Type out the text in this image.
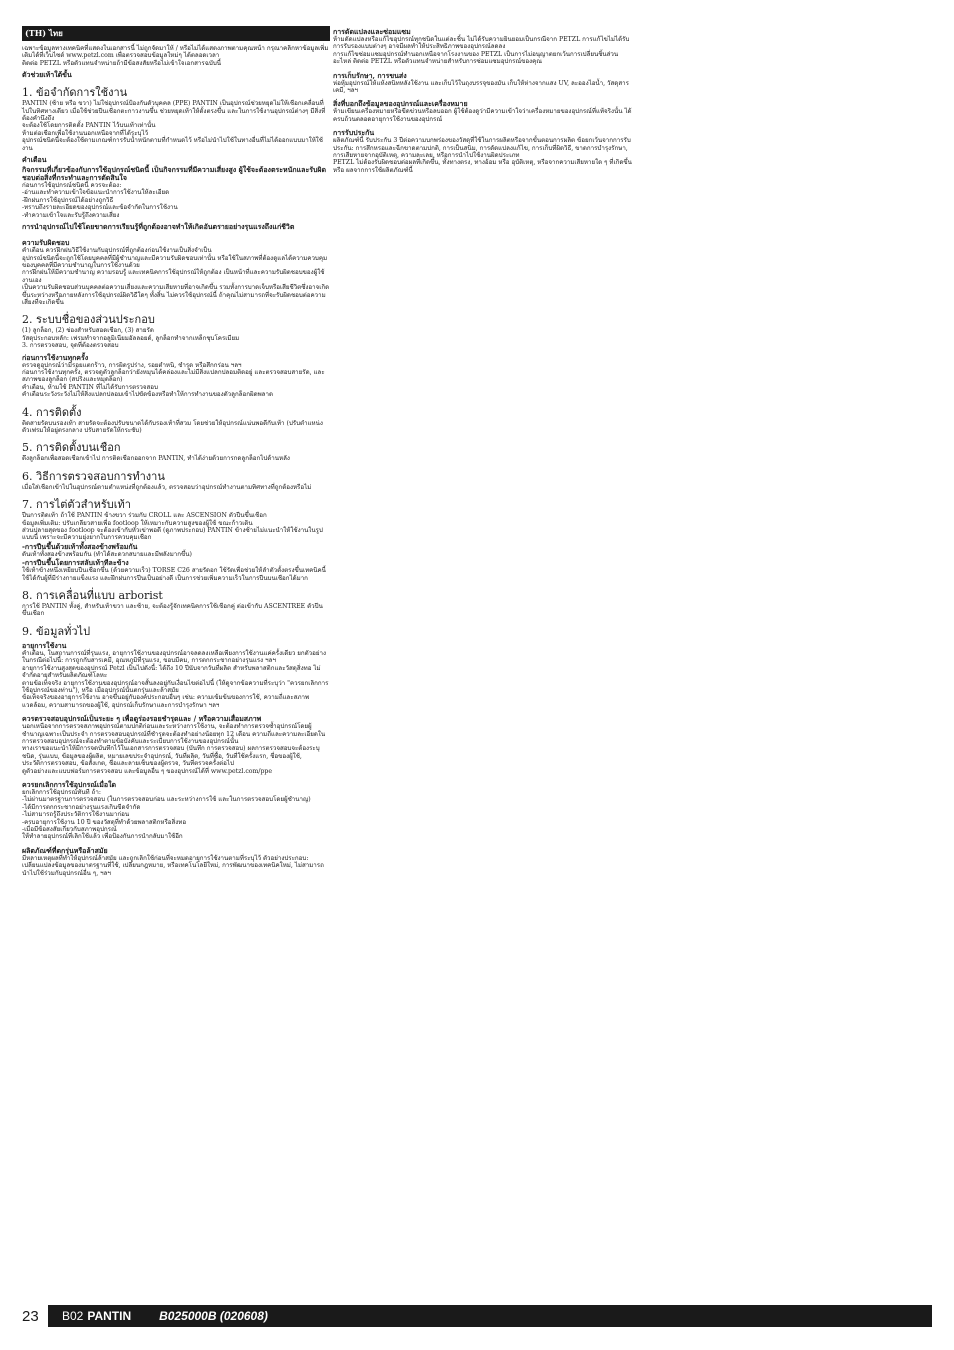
(TH) ไทย

เฉพาะข้อมูลทางเทคนิคที่แสดงในเอกสารนี้ ไม่ถูกจัดมาให้ / หรือไม่ได้แสดงภาพตามคุณหน้า กรุณาคลิกหาข้อมูลเพิ่มเติมได้ที่เว็บไซต์ www.petzl.com เพื่อตรวจสอบข้อมูลใหม่ๆ ได้ตลอดเวลา
ติดต่อ PETZL หรือตัวแทนจำหน่ายถ้ามีข้อสงสัยหรือไม่เข้าใจเอกสารฉบับนี้

ตัวช่วยเท้าใต้ขั้น
1. ข้อจำกัดการใช้งาน

PANTIN (ซ้าย หรือ ขวา) ไม่ใช่อุปกรณ์ป้องกันตัวบุคคล (PPE) PANTIN เป็นอุปกรณ์ช่วยหยุดไม่ให้เชือกเคลื่อนที่ไปในทิศทางเดียว เมื่อใช้ช่วยปีนเชือกตะกาวงานขึ้น ช่วยหยุดเท้าให้ตั้งตรงขึ้น และในการใช้งานอุปกรณ์ต่างๆ มีสิ่งที่ต้องคำนึงถึง
จะต้องใช้โดยการติดตั้ง PANTIN ไว้บนเท้าเท่านั้น
ห้ามต่อเชือกเพื่อใช้งานนอกเหนือจากที่ได้ระบุไว้
อุปกรณ์ชนิดนี้จะต้องใช้ตามเกณฑ์การรับน้ำหนักตามที่กำหนดไว้ หรือไม่นำไปใช้ในทางอื่นที่ไม่ได้ออกแบบมาให้ใช้งาน

คำเตือน
กิจกรรมที่เกี่ยวข้องกับการใช้อุปกรณ์ชนิดนี้ เป็นกิจกรรมที่มีความเสี่ยงสูง ผู้ใช้จะต้องตระหนักและรับผิดชอบต่อสิ่งที่กระทำและการตัดสินใจ

ก่อนการใช้อุปกรณ์ชนิดนี้ ควรจะต้อง:
-อ่านและทำความเข้าใจข้อแนะนำการใช้งานให้ละเอียด
-ฝึกฝนการใช้อุปกรณ์ได้อย่างถูกวิธี
-ทราบถึงรายละเอียดของอุปกรณ์และข้อจำกัดในการใช้งาน
-ทำความเข้าใจและรับรู้ถึงความเสี่ยง

การนำอุปกรณ์ไปใช้โดยขาดการเรียนรู้ที่ถูกต้องอาจทำให้เกิดอันตรายอย่างรุนแรงถึงแก่ชีวิต
ความรับผิดชอบ

คำเตือน ควรฝึกฝนวิธีใช้งานกับอุปกรณ์ที่ถูกต้องก่อนใช้งานเป็นสิ่งจำเป็น
อุปกรณ์ชนิดนี้จะถูกใช้โดยบุคคลที่มีผู้ชำนาญและมีความรับผิดชอบเท่านั้น หรือใช้ในสภาพที่ต้องดูแลได้ความควบคุมของบุคคลที่มีความชำนาญในการใช้งานด้วย
การฝึกฝนให้มีความชำนาญ ความรอบรู้ และเทคนิคการใช้อุปกรณ์ให้ถูกต้อง เป็นหน้าที่และความรับผิดชอบของผู้ใช้งานเอง
เป็นความรับผิดชอบส่วนบุคคลต่อความเสี่ยงและความเสียหายที่อาจเกิดขึ้น รวมทั้งการบาดเจ็บหรือเสียชีวิตซึ่งอาจเกิดขึ้นระหว่างหรือภายหลังการใช้อุปกรณ์ผิดวิธีใดๆ ทั้งสิ้น ไม่ควรใช้อุปกรณ์นี้ ถ้าคุณไม่สามารถที่จะรับผิดชอบต่อความเสี่ยงที่จะเกิดขึ้น

2. ระบบชื่อของส่วนประกอบ

(1) ลูกล็อก, (2) ช่องสำหรับสอดเชือก, (3) สายรัด
วัสดุประกอบหลัก: เฟรมทำจากอลูมิเนียมอัลลอยด์, ลูกล็อกทำจากเหล็กชุบโครเมียม
3. การตรวจสอบ, จุดที่ต้องตรวจสอบ

ก่อนการใช้งานทุกครั้ง

ตรวจดูอุปกรณ์ว่ามีรอยแตกร้าว, การผิดรูปร่าง, รอยตำหนิ, ชำรุด หรือสึกกร่อน ฯลฯ
ก่อนการใช้งานทุกครั้ง, ตรวจดูตัวลูกล็อกว่ายังหมุนได้คล่องและไม่มีสิ่งแปลกปลอมติดอยู่ และตรวจสอบสายรัด, และสภาพของลูกล็อก (สปริงและหมุดล็อก)
คำเตือน, ห้ามใช้ PANTIN ที่ไม่ได้รับการตรวจสอบ
คำเตือนระวังระวังไม่ให้สิ่งแปลกปลอมเข้าไปขัดข้องหรือทำให้การทำงานของตัวลูกล็อกผิดพลาด

4. การติดตั้ง

ติดสายรัดบนรองเท้า สายรัดจะต้องปรับขนาดได้กับรองเท้าที่สวม โดยช่วยให้อุปกรณ์แน่นพอดีกับเท้า (ปรับตำแหน่งตัวเฟรมให้อยู่ตรงกลาง ปรับสายรัดให้กระชับ)

5. การติดตั้งบนเชือก

ดึงลูกล็อกเพื่อสอดเชือกเข้าไป การติดเชือกออกจาก PANTIN, ทำได้ง่ายด้วยการกดลูกล็อกไปด้านหลัง

6. วิธีการตรวจสอบการทำงาน

เมื่อใส่เชือกเข้าไปในอุปกรณ์ตามตำแหน่งที่ถูกต้องแล้ว, ตรวจสอบว่าอุปกรณ์ทำงานตามทิศทางที่ถูกต้องหรือไม่

7. การไต่ตัวสำหรับเท้า

ปีนการติดเท้า ถ้าใช้ PANTIN ข้างขวา ร่วมกับ CROLL และ ASCENSION ตัวปีนขึ้นเชือก
ข้อมูลเพิ่มเติม: ปรับเกลียวสายเพื่อ footloop ให้เหมาะกับความสูงของผู้ใช้ ขณะก้าวเดิน
ส่วนปลายสุดของ footloop จะต้องเข้ากับหัวเข่าพอดี (ดูภาพประกอบ) PANTIN ข้างซ้ายไม่แนะนำให้ใช้งานในรูปแบบนี้ เพราะจะมีความยุ่งยากในการควบคุมเชือก

-การปีนขึ้นด้วยเท้าทั้งสองข้างพร้อมกัน

ดันเท้าทั้งสองข้างพร้อมกัน (ทำได้สะดวกสบายและมีพลังมากขึ้น)

-การปีนขึ้นโดยการสลับเท้าทีละข้าง

ใช้เท้าข้างหนึ่งเหยียบปีนเชือกขึ้น (ด้วยความเร็ว) TORSE C26 สายรัดอก ใช้รัดเพื่อช่วยให้ลำตัวตั้งตรงขึ้นเทคนิคนี้ใช้ได้กับผู้ที่มีร่างกายแข็งแรง และฝึกฝนการปีนเป็นอย่างดี เป็นการช่วยเพิ่มความเร็วในการปีนบนเชือกได้มาก

8. การเคลื่อนที่แบบ arborist

การใช้ PANTIN ทั้งคู่, สำหรับเท้าขวา และซ้าย, จะต้องรู้จักเทคนิคการใช้เชือกคู่ ต่อเข้ากับ ASCENTREE ตัวปีนขึ้นเชือก

9. ข้อมูลทั่วไป
อายุการใช้งาน

คำเตือน, ในสถานการณ์ที่รุนแรง, อายุการใช้งานของอุปกรณ์อาจลดลงเหลือเพียงการใช้งานแค่ครั้งเดียว ยกตัวอย่างในกรณีต่อไปนี้: การถูกกับสารเคมี, อุณหภูมิที่รุนแรง, ขอบมีคม, การตกกระชากอย่างรุนแรง ฯลฯ
อายุการใช้งานสูงสุดของอุปกรณ์ Petzl เป็นไปดังนี้: ได้ถึง 10 ปีนับจากวันที่ผลิต สำหรับพลาสติกและวัสดุสิ่งทอ ไม่จำกัดอายุสำหรับผลิตภัณฑ์โลหะ
ตามข้อเท็จจริง อายุการใช้งานของอุปกรณ์อาจสั้นลงอยู่กับเงื่อนไขต่อไปนี้ (ให้ดูจากข้อความที่ระบุว่า "ควรยกเลิกการใช้อุปกรณ์ของท่าน"), หรือ เมื่ออุปกรณ์นั้นตกรุ่นและล้าสมัย
ข้อเท็จจริงของอายุการใช้งาน อาจขึ้นอยู่กับองค์ประกอบอื่นๆ เช่น: ความเข้มข้นของการใช้, ความถี่และสภาพแวดล้อม, ความสามารถของผู้ใช้, อุปกรณ์เก็บรักษาและการบำรุงรักษา ฯลฯ

ควรตรวจสอบอุปกรณ์เป็นระยะ ๆ เพื่อดูร่องรอยชำรุดและ / หรือความเสื่อมสภาพ

นอกเหนือจากการตรวจสภาพอุปกรณ์ตามปกติก่อนและระหว่างการใช้งาน, จะต้องทำการตรวจซ้ำอุปกรณ์โดยผู้ชำนาญเฉพาะเป็นประจำ การตรวจสอบอุปกรณ์ที่ชำรุดจะต้องทำอย่างน้อยทุก 12 เดือน ความถี่และความละเอียดในการตรวจสอบอุปกรณ์จะต้องทำตามข้อบังคับและระเบียบการใช้งานของอุปกรณ์นั้น
ทางเราขอแนะนำให้มีการจดบันทึกไว้ในเอกสารการตรวจสอบ (บันทึก การตรวจสอบ) ผลการตรวจสอบจะต้องระบุ ชนิด, รุ่นแบบ, ข้อมูลของผู้ผลิต, หมายเลขประจำอุปกรณ์, วันที่ผลิต, วันที่ซื้อ, วันที่ใช้ครั้งแรก, ชื่อของผู้ใช้, ประวัติการตรวจสอบ, ข้อสังเกต, ชื่อและลายเซ็นของผู้ตรวจ, วันที่ตรวจครั้งต่อไป
ดูตัวอย่างและแบบฟอร์มการตรวจสอบ และข้อมูลอื่น ๆ ของอุปกรณ์ได้ที่ www.petzl.com/ppe

ควรยกเลิกการใช้อุปกรณ์เมื่อใด

ยกเลิกการใช้อุปกรณ์ทันที ถ้า:
-ไม่ผ่านมาตรฐานการตรวจสอบ (ในการตรวจสอบก่อน และระหว่างการใช้ และในการตรวจสอบโดยผู้ชำนาญ)
-ได้มีการตกกระชากอย่างรุนแรงเกินขีดจำกัด
-ไม่สามารถรู้ถึงประวัติการใช้งานมาก่อน
-ครบอายุการใช้งาน 10 ปี ของวัสดุที่ทำด้วยพลาสติกหรือสิ่งทอ
-เมื่อมีข้อสงสัยเกี่ยวกับสภาพอุปกรณ์
ให้ทำลายอุปกรณ์ที่เลิกใช้แล้ว เพื่อป้องกันการนำกลับมาใช้อีก

ผลิตภัณฑ์ที่ตกรุ่นหรือล้าสมัย

มีหลายเหตุผลที่ทำให้อุปกรณ์ล้าสมัย และถูกเลิกใช้ก่อนที่จะหมดอายุการใช้งานตามที่ระบุไว้ ตัวอย่างประกอบ: เปลี่ยนแปลงข้อมูลของมาตรฐานที่ใช้, เปลี่ยนกฎหมาย, หรือเทคโนโลยีใหม่, การพัฒนาของเทคนิคใหม่, ไม่สามารถนำไปใช้ร่วมกับอุปกรณ์อื่น ๆ, ฯลฯ

การดัดแปลงและซ่อมแซม

ห้ามดัดแปลงหรือแก้ไขอุปกรณ์ทุกชนิดในแต่ละชิ้น ไม่ได้รับความยินยอมเป็นกรณีจาก PETZL การแก้ไขไม่ได้รับการรับรองแบบต่างๆ อาจมีผลทำให้ประสิทธิภาพของอุปกรณ์ลดลง
การแก้ไขซ่อมแซมอุปกรณ์ทำนอกเหนือจากโรงงานของ PETZL เป็นการไม่อนุญาตยกเว้นการเปลี่ยนชิ้นส่วนอะไหล่ ติดต่อ PETZL หรือตัวแทนจำหน่ายสำหรับการซ่อมแซมอุปกรณ์ของคุณ

การเก็บรักษา, การขนส่ง

ห่อหุ้มอุปกรณ์ให้แห้งสนิทหลังใช้งาน และเก็บไว้ในถุงบรรจุของมัน เก็บให้ห่างจากแสง UV, ละอองไอน้ำ, วัสดุสารเคมี, ฯลฯ

สิ่งที่บอกถึงข้อมูลของอุปกรณ์และเครื่องหมาย

ห้ามเขียนเครื่องหมายหรือขีดข่วนหรือลบออก ผู้ใช้ต้องดูว่ามีความเข้าใจว่าเครื่องหมายของอุปกรณ์ที่แท้จริงนั้น ได้ครบถ้วนตลอดอายุการใช้งานของอุปกรณ์

การรับประกัน

ผลิตภัณฑ์นี้ รับประกัน 3 ปีต่อความบกพร่องของวัสดุที่ใช้ในการผลิตหรือจากขั้นตอนการผลิต ข้อยกเว้นจากการรับประกัน: การสึกหรอและฉีกขาดตามปกติ, การเป็นสนิม, การดัดแปลงแก้ไข, การเก็บที่ผิดวิธี, ขาดการบำรุงรักษา, การเสียหายจากอุบัติเหตุ, ความละเลย, หรือการนำไปใช้งานผิดประเภท
PETZL ไม่ต้องรับผิดชอบต่อผลที่เกิดขึ้น, ทั้งทางตรง, ทางอ้อม หรือ อุบัติเหตุ, หรือจากความเสียหายใด ๆ ที่เกิดขึ้น หรือ ผลจากการใช้ผลิตภัณฑ์นี้

23	B02 PANTIN B025000B (020608)
